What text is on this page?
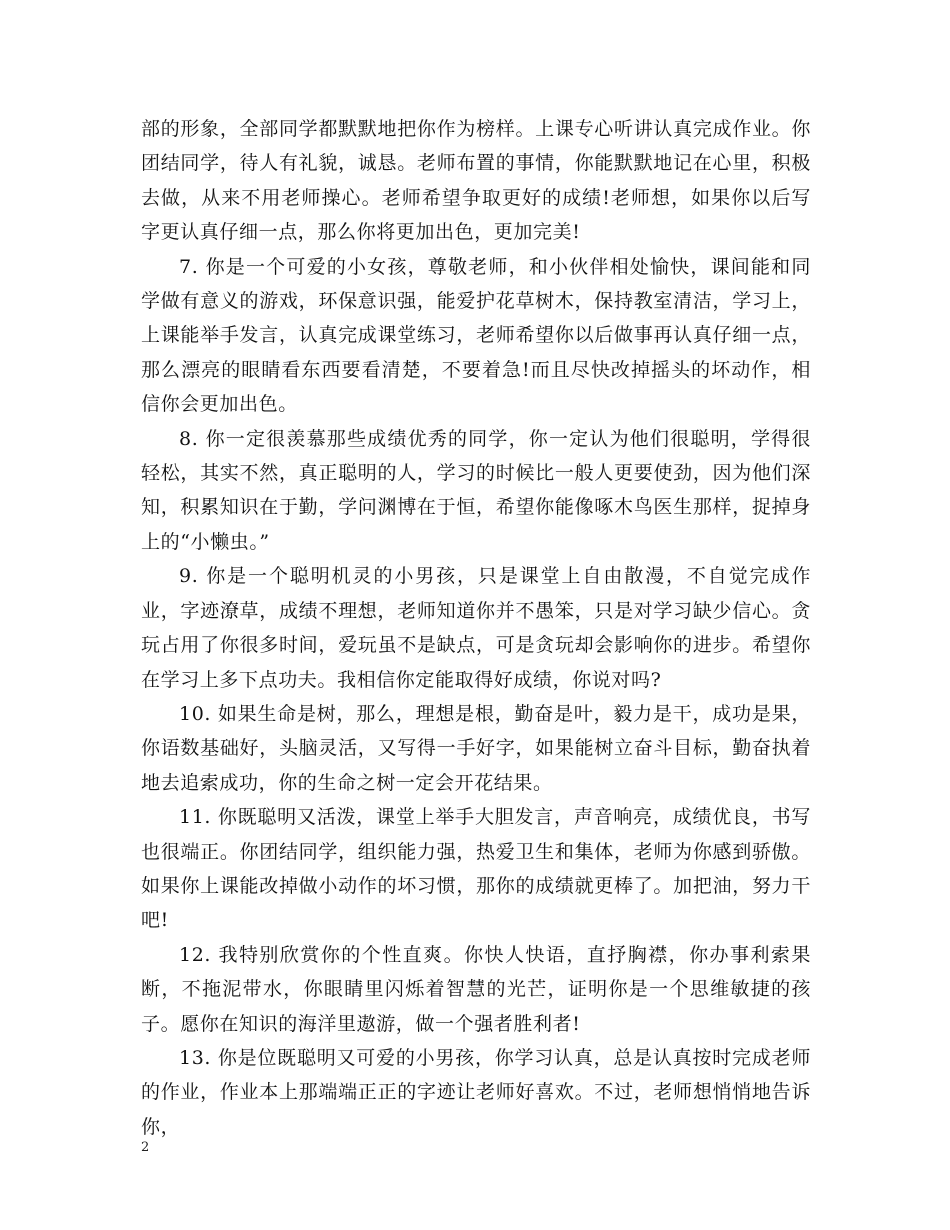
部的形象，全部同学都默默地把你作为榜样。上课专心听讲认真完成作业。你团结同学，待人有礼貌，诚恳。老师布置的事情，你能默默地记在心里，积极去做，从来不用老师操心。老师希望争取更好的成绩!老师想，如果你以后写字更认真仔细一点，那么你将更加出色，更加完美!

7. 你是一个可爱的小女孩，尊敬老师，和小伙伴相处愉快，课间能和同学做有意义的游戏，环保意识强，能爱护花草树木，保持教室清洁，学习上，上课能举手发言，认真完成课堂练习，老师希望你以后做事再认真仔细一点，那么漂亮的眼睛看东西要看清楚，不要着急!而且尽快改掉摇头的坏动作，相信你会更加出色。

8. 你一定很羡慕那些成绩优秀的同学，你一定认为他们很聪明，学得很轻松，其实不然，真正聪明的人，学习的时候比一般人更要使劲，因为他们深知，积累知识在于勤，学问渊博在于恒，希望你能像啄木鸟医生那样，捉掉身上的“小懒虫。”

9. 你是一个聪明机灵的小男孩，只是课堂上自由散漫，不自觉完成作业，字迹潦草，成绩不理想，老师知道你并不愚笨，只是对学习缺少信心。贪玩占用了你很多时间，爱玩虽不是缺点，可是贪玩却会影响你的进步。希望你在学习上多下点功夫。我相信你定能取得好成绩，你说对吗?

10. 如果生命是树，那么，理想是根，勤奋是叶，毅力是干，成功是果，你语数基础好，头脑灵活，又写得一手好字，如果能树立奋斗目标，勤奋执着地去追索成功，你的生命之树一定会开花结果。

11. 你既聪明又活泼，课堂上举手大胆发言，声音响亮，成绩优良，书写也很端正。你团结同学，组织能力强，热爱卫生和集体，老师为你感到骄傲。如果你上课能改掉做小动作的坏习惯，那你的成绩就更棒了。加把油，努力干吧!

12. 我特别欣赏你的个性直爽。你快人快语，直抒胸襟，你办事利索果断，不拖泥带水，你眼睛里闪烁着智慧的光芒，证明你是一个思维敏捷的孩子。愿你在知识的海洋里遨游，做一个强者胜利者!

13. 你是位既聪明又可爱的小男孩，你学习认真，总是认真按时完成老师的作业，作业本上那端端正正的字迹让老师好喜欢。不过，老师想悄悄地告诉你，

2
